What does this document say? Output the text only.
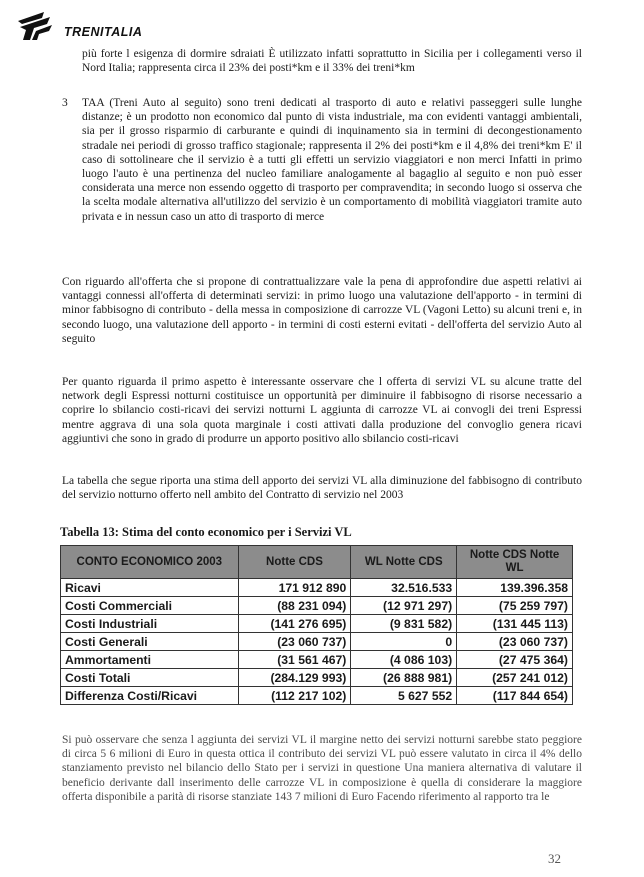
TRENITALIA

più forte l esigenza di dormire sdraiati È utilizzato infatti soprattutto in Sicilia per i collegamenti verso il Nord Italia; rappresenta circa il 23% dei posti*km e il 33% dei treni*km

3	TAA (Treni Auto al seguito) sono treni dedicati al trasporto di auto e relativi passeggeri sulle lunghe distanze; è un prodotto non economico dal punto di vista industriale, ma con evidenti vantaggi ambientali, sia per il grosso risparmio di carburante e quindi di inquinamento sia in termini di decongestionamento stradale nei periodi di grosso traffico stagionale; rappresenta il 2% dei posti*km e il 4,8% dei treni*km E' il caso di sottolineare che il servizio è a tutti gli effetti un servizio viaggiatori e non merci Infatti in primo luogo l'auto è una pertinenza del nucleo familiare analogamente al bagaglio al seguito e non può esser considerata una merce non essendo oggetto di trasporto per compravendita; in secondo luogo si osserva che la scelta modale alternativa all'utilizzo del servizio è un comportamento di mobilità viaggiatori tramite auto privata e in nessun caso un atto di trasporto di merce

Con riguardo all'offerta che si propone di contrattualizzare vale la pena di approfondire due aspetti relativi ai vantaggi connessi all'offerta di determinati servizi: in primo luogo una valutazione dell'apporto - in termini di minor fabbisogno di contributo - della messa in composizione di carrozze VL (Vagoni Letto) su alcuni treni e, in secondo luogo, una valutazione dell apporto - in termini di costi esterni evitati - dell'offerta del servizio Auto al seguito

Per quanto riguarda il primo aspetto è interessante osservare che l offerta di servizi VL su alcune tratte del network degli Espressi notturni costituisce un opportunità per diminuire il fabbisogno di risorse necessario a coprire lo sbilancio costi-ricavi dei servizi notturni L aggiunta di carrozze VL ai convogli dei treni Espressi mentre aggrava di una sola quota marginale i costi attivati dalla produzione del convoglio genera ricavi aggiuntivi che sono in grado di produrre un apporto positivo allo sbilancio costi-ricavi

La tabella che segue riporta una stima dell apporto dei servizi VL alla diminuzione del fabbisogno di contributo del servizio notturno offerto nell ambito del Contratto di servizio nel 2003

Tabella 13: Stima del conto economico per i Servizi VL

CONTO ECONOMICO 2003	Notte CDS	WL Notte CDS	Notte CDS Notte WL
Ricavi	171 912 890	32.516.533	139.396.358
Costi Commerciali	(88 231 094)	(12 971 297)	(75 259 797)
Costi Industriali	(141 276 695)	(9 831 582)	(131 445 113)
Costi Generali	(23 060 737)	0	(23 060 737)
Ammortamenti	(31 561 467)	(4 086 103)	(27 475 364)
Costi Totali	(284.129 993)	(26 888 981)	(257 241 012)
Differenza Costi/Ricavi	(112 217 102)	5 627 552	(117 844 654)

Si può osservare che senza l aggiunta dei servizi VL il margine netto dei servizi notturni sarebbe stato peggiore di circa 5 6 milioni di Euro in questa ottica il contributo dei servizi VL può essere valutato in circa il 4% dello stanziamento previsto nel bilancio dello Stato per i servizi in questione Una maniera alternativa di valutare il beneficio derivante dall inserimento delle carrozze VL in composizione è quella di considerare la maggiore offerta disponibile a parità di risorse stanziate 143 7 milioni di Euro Facendo riferimento al rapporto tra le

32
